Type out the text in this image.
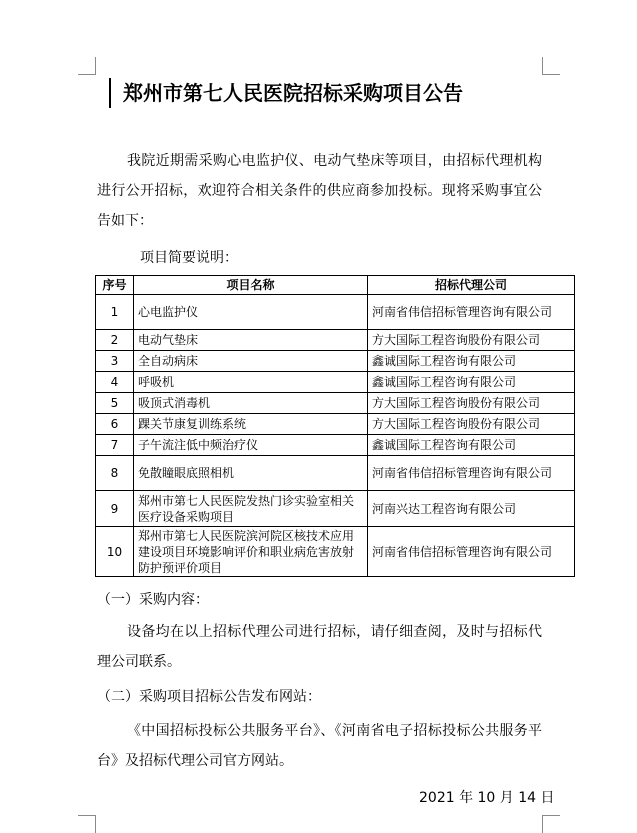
郑州市第七人民医院招标采购项目公告
我院近期需采购心电监护仪、电动气垫床等项目，由招标代理机构进行公开招标，欢迎符合相关条件的供应商参加投标。现将采购事宜公告如下：
项目简要说明：
序号	项目名称	招标代理公司
1	心电监护仪	河南省伟信招标管理咨询有限公司
2	电动气垫床	方大国际工程咨询股份有限公司
3	全自动病床	鑫诚国际工程咨询有限公司
4	呼吸机	鑫诚国际工程咨询有限公司
5	吸顶式消毒机	方大国际工程咨询股份有限公司
6	踝关节康复训练系统	方大国际工程咨询股份有限公司
7	子午流注低中频治疗仪	鑫诚国际工程咨询有限公司
8	免散瞳眼底照相机	河南省伟信招标管理咨询有限公司
9	郑州市第七人民医院发热门诊实验室相关医疗设备采购项目	河南兴达工程咨询有限公司
10	郑州市第七人民医院滨河院区核技术应用建设项目环境影响评价和职业病危害放射防护预评价项目	河南省伟信招标管理咨询有限公司
（一）采购内容：
设备均在以上招标代理公司进行招标，请仔细查阅，及时与招标代理公司联系。
（二）采购项目招标公告发布网站：
《中国招标投标公共服务平台》、《河南省电子招标投标公共服务平台》及招标代理公司官方网站。
2021 年 10 月 14 日
